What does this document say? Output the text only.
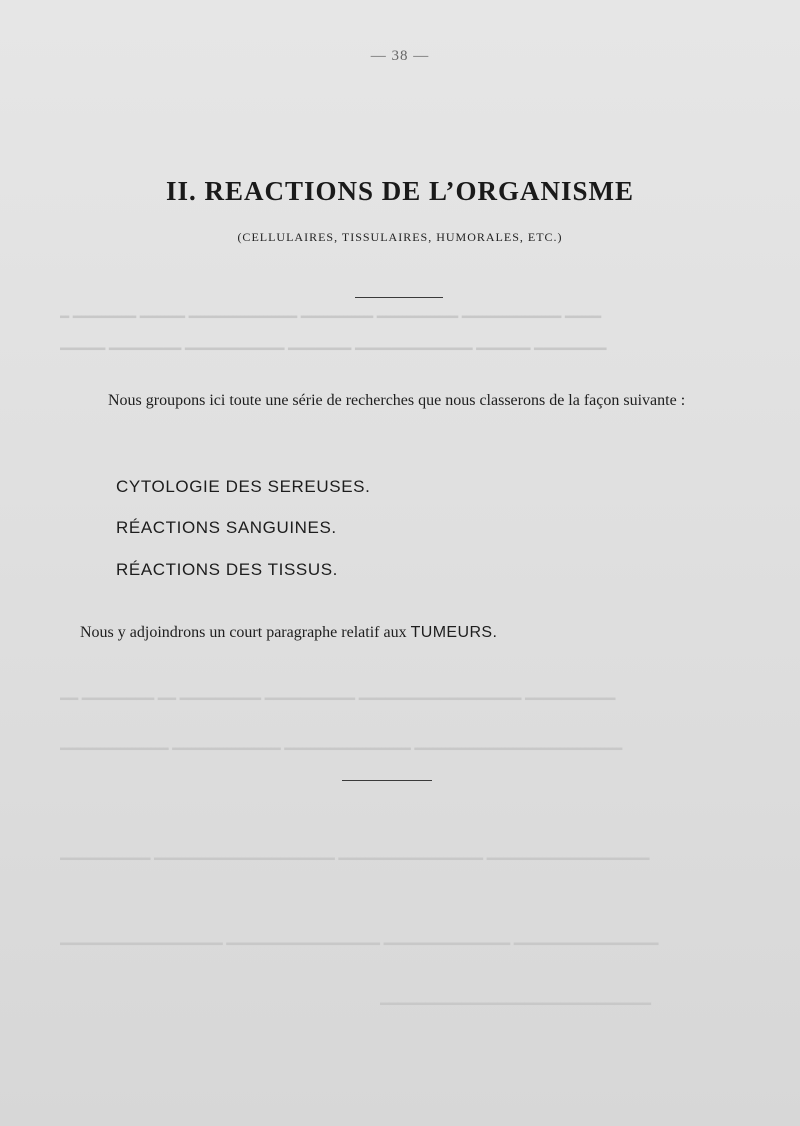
━ ━━━━━━━ ━━━━━ ━━━━━━━━━━━━ ━━━━━━━━ ━━━━━━━━━ ━━━━━━━━━━━ ━━━━
━━━━━ ━━━━━━━━ ━━━━━━━━━━━ ━━━━━━━ ━━━━━━━━━━━━━ ━━━━━━ ━━━━━━━━
━━ ━━━━━━━━ ━━ ━━━━━━━━━ ━━━━━━━━━━ ━━━━━━━━━━━━━━━━━━ ━━━━━━━━━━
━━━━━━━━━━━━ ━━━━━━━━━━━━ ━━━━━━━━━━━━━━ ━━━━━━━━━━━━━━━━━━━━━━━
━━━━━━━━━━ ━━━━━━━━━━━━━━━━━━━━ ━━━━━━━━━━━━━━━━ ━━━━━━━━━━━━━━━━━━
━━━━━━━━━━━━━━━━━━ ━━━━━━━━━━━━━━━━━ ━━━━━━━━━━━━━━ ━━━━━━━━━━━━━━━━
━━━━━━━━━━━━━━━━━━━━━━━━━━━━━━
— 38 —
II. REACTIONS DE L’ORGANISME
(CELLULAIRES, TISSULAIRES, HUMORALES, ETC.)

Nous groupons ici toute une série de recherches que nous classerons de la façon suivante :

CYTOLOGIE DES SEREUSES.
RÉACTIONS SANGUINES.
RÉACTIONS DES TISSUS.
Nous y adjoindrons un court paragraphe relatif aux TUMEURS.
